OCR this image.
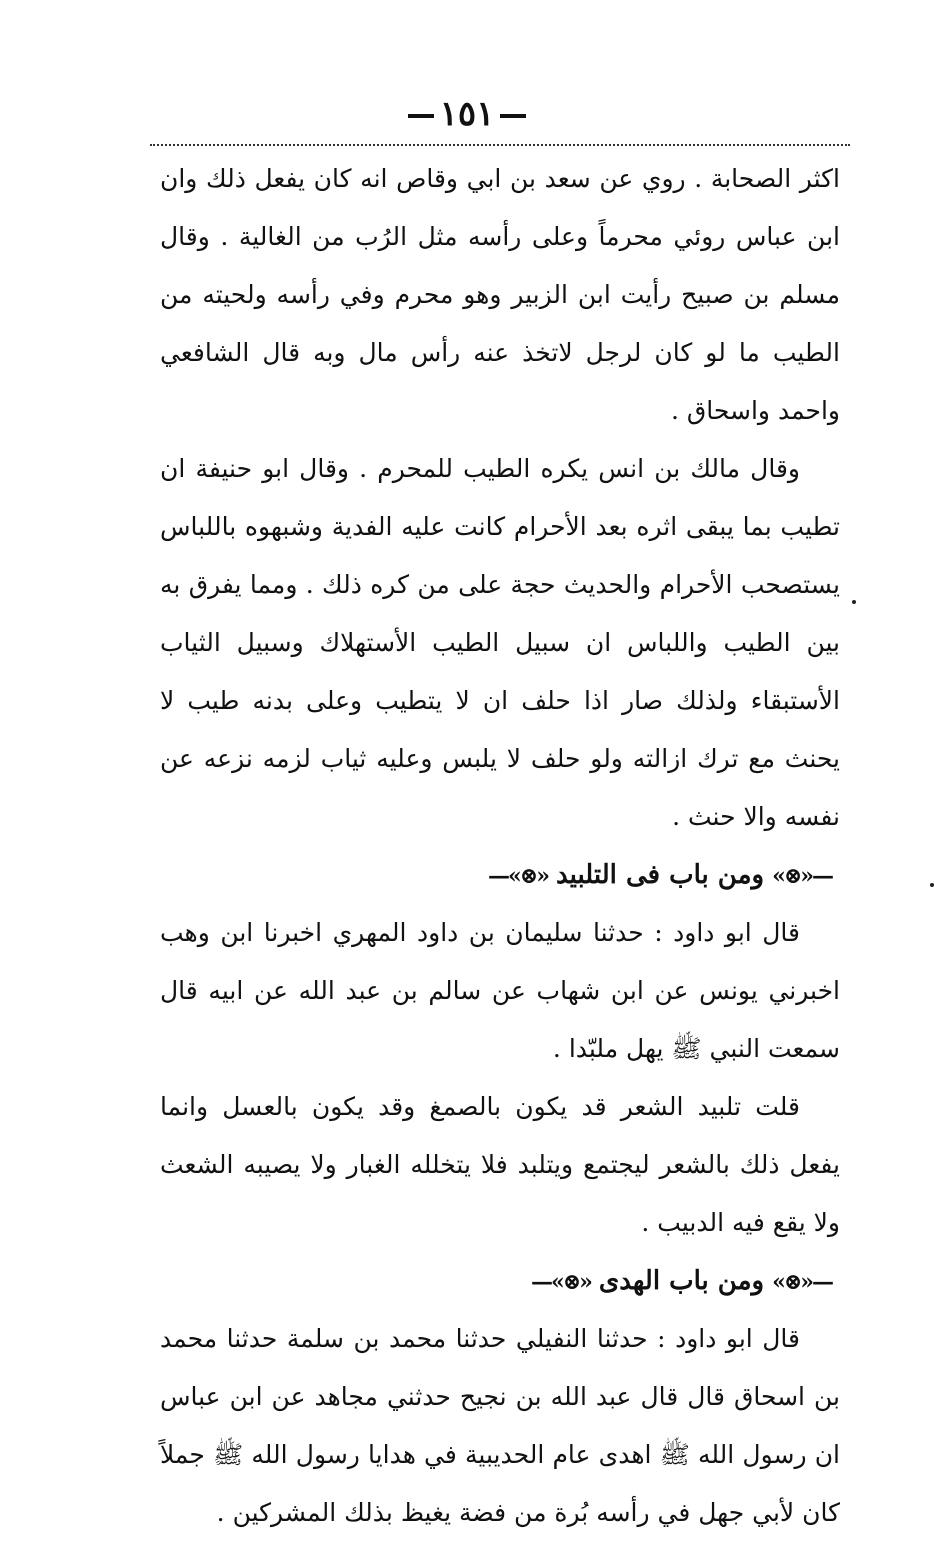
١٥١

اكثر الصحابة . روي عن سعد بن ابي وقاص انه كان يفعل ذلك وان ابن عباس روئي محرماً وعلى رأسه مثل الرُب من الغالية . وقال مسلم بن صبيح رأيت ابن الزبير وهو محرم وفي رأسه ولحيته من الطيب ما لو كان لرجل لاتخذ عنه رأس مال وبه قال الشافعي واحمد واسحاق .

وقال مالك بن انس يكره الطيب للمحرم . وقال ابو حنيفة ان تطيب بما يبقى اثره بعد الأحرام كانت عليه الفدية وشبهوه باللباس يستصحب الأحرام والحديث حجة على من كره ذلك . ومما يفرق به بين الطيب واللباس ان سبيل الطيب الأستهلاك وسبيل الثياب الأستبقاء ولذلك صار اذا حلف ان لا يتطيب وعلى بدنه طيب لا يحنث مع ترك ازالته ولو حلف لا يلبس وعليه ثياب لزمه نزعه عن نفسه والا حنث .

—«⊗»ومن باب فى التلبيد«⊗»—

قال ابو داود : حدثنا سليمان بن داود المهري اخبرنا ابن وهب اخبرني يونس عن ابن شهاب عن سالم بن عبد الله عن ابيه قال سمعت النبي ﷺ يهل ملبّدا .

قلت تلبيد الشعر قد يكون بالصمغ وقد يكون بالعسل وانما يفعل ذلك بالشعر ليجتمع ويتلبد فلا يتخلله الغبار ولا يصيبه الشعث ولا يقع فيه الدبيب .

—«⊗»ومن باب الهدى«⊗»—

قال ابو داود : حدثنا النفيلي حدثنا محمد بن سلمة حدثنا محمد بن اسحاق قال قال عبد الله بن نجيح حدثني مجاهد عن ابن عباس ان رسول الله ﷺ اهدى عام الحديبية في هدايا رسول الله ﷺ جملاً كان لأبي جهل في رأسه بُرة من فضة يغيظ بذلك المشركين .
